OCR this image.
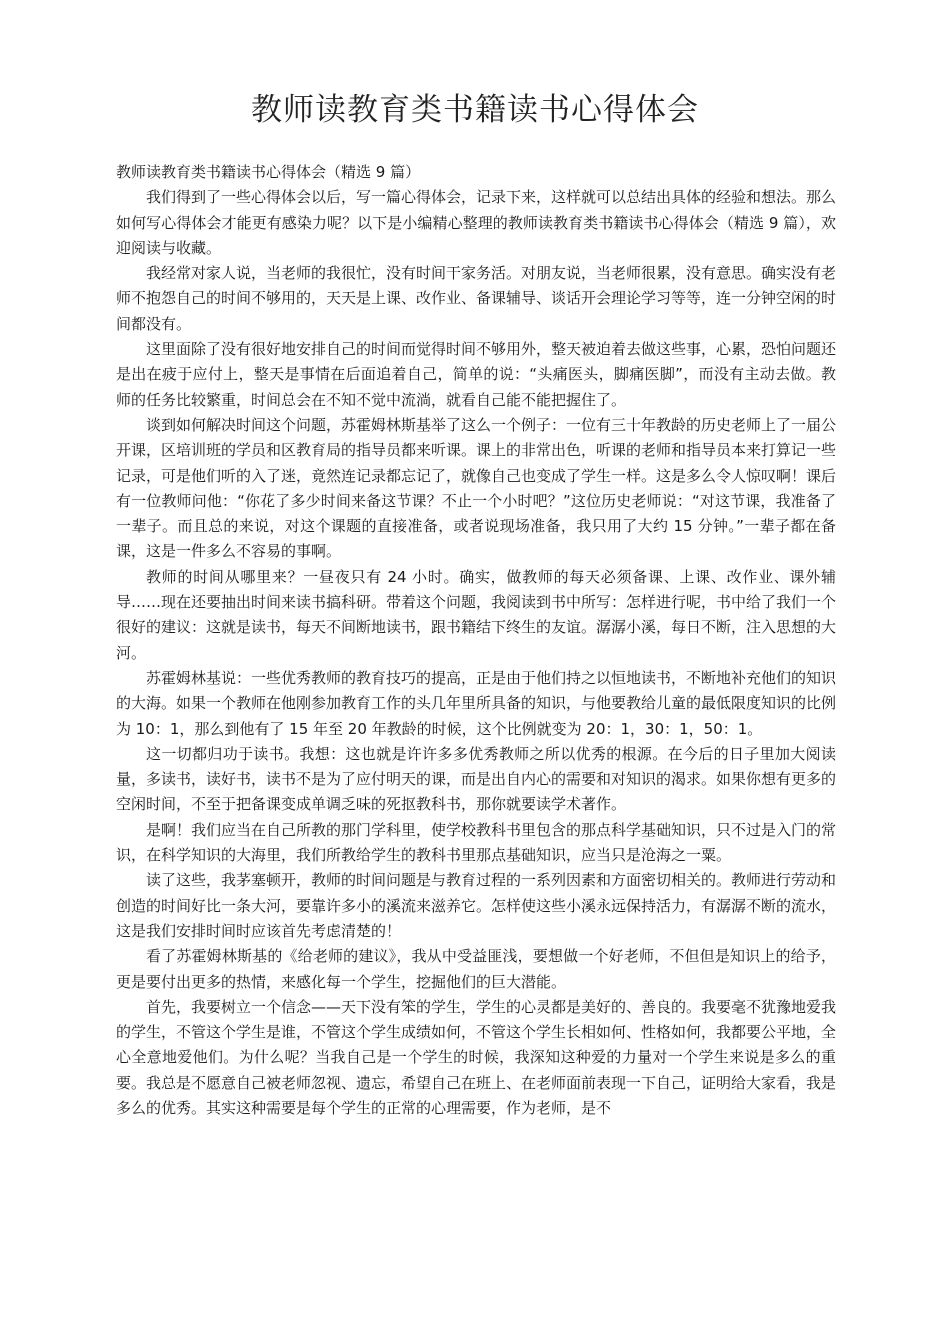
教师读教育类书籍读书心得体会

教师读教育类书籍读书心得体会（精选 9 篇）

我们得到了一些心得体会以后，写一篇心得体会，记录下来，这样就可以总结出具体的经验和想法。那么如何写心得体会才能更有感染力呢？以下是小编精心整理的教师读教育类书籍读书心得体会（精选 9 篇），欢迎阅读与收藏。

我经常对家人说，当老师的我很忙，没有时间干家务活。对朋友说，当老师很累，没有意思。确实没有老师不抱怨自己的时间不够用的，天天是上课、改作业、备课辅导、谈话开会理论学习等等，连一分钟空闲的时间都没有。

这里面除了没有很好地安排自己的时间而觉得时间不够用外，整天被迫着去做这些事，心累，恐怕问题还是出在疲于应付上，整天是事情在后面追着自己，简单的说：“头痛医头，脚痛医脚”，而没有主动去做。教师的任务比较繁重，时间总会在不知不觉中流淌，就看自己能不能把握住了。

谈到如何解决时间这个问题，苏霍姆林斯基举了这么一个例子：一位有三十年教龄的历史老师上了一届公开课，区培训班的学员和区教育局的指导员都来听课。课上的非常出色，听课的老师和指导员本来打算记一些记录，可是他们听的入了迷，竟然连记录都忘记了，就像自己也变成了学生一样。这是多么令人惊叹啊！课后有一位教师问他：“你花了多少时间来备这节课？不止一个小时吧？”这位历史老师说：“对这节课，我准备了一辈子。而且总的来说，对这个课题的直接准备，或者说现场准备，我只用了大约 15 分钟。”一辈子都在备课，这是一件多么不容易的事啊。

教师的时间从哪里来？一昼夜只有 24 小时。确实，做教师的每天必须备课、上课、改作业、课外辅导……现在还要抽出时间来读书搞科研。带着这个问题，我阅读到书中所写：怎样进行呢，书中给了我们一个很好的建议：这就是读书，每天不间断地读书，跟书籍结下终生的友谊。潺潺小溪，每日不断，注入思想的大河。

苏霍姆林基说：一些优秀教师的教育技巧的提高，正是由于他们持之以恒地读书，不断地补充他们的知识的大海。如果一个教师在他刚参加教育工作的头几年里所具备的知识，与他要教给儿童的最低限度知识的比例为 10：1，那么到他有了 15 年至 20 年教龄的时候，这个比例就变为 20：1，30：1，50：1。

这一切都归功于读书。我想：这也就是许许多多优秀教师之所以优秀的根源。在今后的日子里加大阅读量，多读书，读好书，读书不是为了应付明天的课，而是出自内心的需要和对知识的渴求。如果你想有更多的空闲时间，不至于把备课变成单调乏味的死抠教科书，那你就要读学术著作。

是啊！我们应当在自己所教的那门学科里，使学校教科书里包含的那点科学基础知识，只不过是入门的常识，在科学知识的大海里，我们所教给学生的教科书里那点基础知识，应当只是沧海之一粟。

读了这些，我茅塞顿开，教师的时间问题是与教育过程的一系列因素和方面密切相关的。教师进行劳动和创造的时间好比一条大河，要靠许多小的溪流来滋养它。怎样使这些小溪永远保持活力，有潺潺不断的流水，这是我们安排时间时应该首先考虑清楚的！

看了苏霍姆林斯基的《给老师的建议》，我从中受益匪浅，要想做一个好老师，不但但是知识上的给予，更是要付出更多的热情，来感化每一个学生，挖掘他们的巨大潜能。

首先，我要树立一个信念——天下没有笨的学生，学生的心灵都是美好的、善良的。我要毫不犹豫地爱我的学生，不管这个学生是谁，不管这个学生成绩如何，不管这个学生长相如何、性格如何，我都要公平地，全心全意地爱他们。为什么呢？当我自己是一个学生的时候，我深知这种爱的力量对一个学生来说是多么的重要。我总是不愿意自己被老师忽视、遗忘，希望自己在班上、在老师面前表现一下自己，证明给大家看，我是多么的优秀。其实这种需要是每个学生的正常的心理需要，作为老师，是不
